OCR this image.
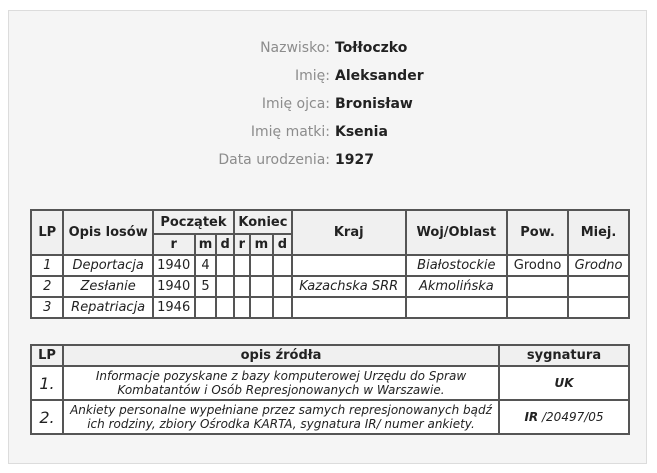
Nazwisko: Tołłoczko
Imię: Aleksander
Imię ojca: Bronisław
Imię matki: Ksenia
Data urodzenia: 1927
LP	Opis losów	Początek			Koniec			Kraj	Woj/Oblast	Pow.	Miej.
		r	m	d	r	m	d				
1	Deportacja	1940	4						Białostockie	Grodno	Grodno
2	Zesłanie	1940	5					Kazachska SRR	Akmolińska		
3	Repatriacja	1946									
LP	opis źródła	sygnatura
1.	Informacje pozyskane z bazy komputerowej Urzędu do Spraw Kombatantów i Osób Represjonowanych w Warszawie.	UK
2.	Ankiety personalne wypełniane przez samych represjonowanych bądź ich rodziny, zbiory Ośrodka KARTA, sygnatura IR/ numer ankiety.	IR /20497/05
